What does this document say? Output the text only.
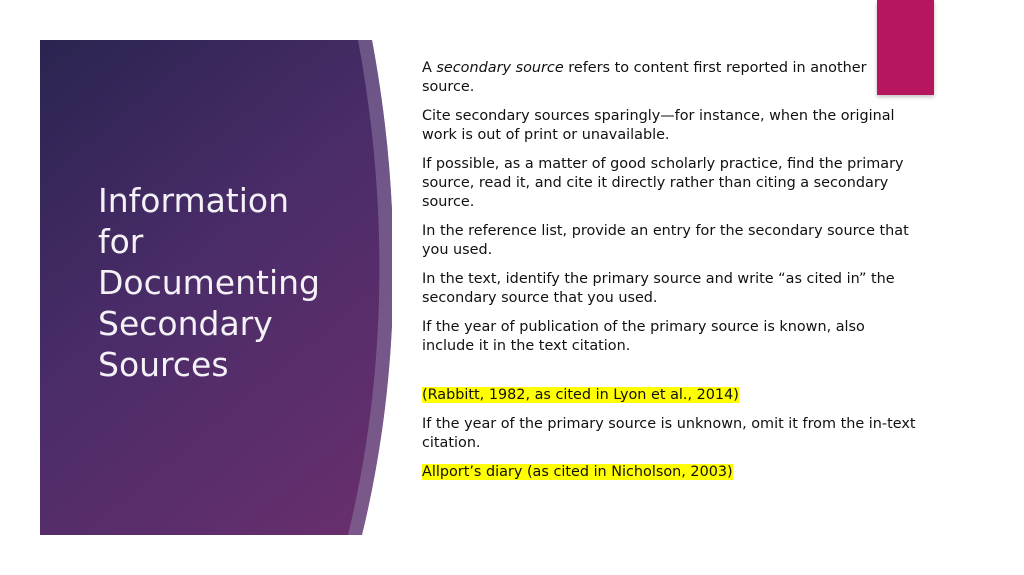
Information for Documenting Secondary Sources

A secondary source refers to content first reported in another source.

Cite secondary sources sparingly—for instance, when the original work is out of print or unavailable.

If possible, as a matter of good scholarly practice, find the primary source, read it, and cite it directly rather than citing a secondary source.

In the reference list, provide an entry for the secondary source that you used.

In the text, identify the primary source and write “as cited in” the secondary source that you used.

If the year of publication of the primary source is known, also include it in the text citation.

(Rabbitt, 1982, as cited in Lyon et al., 2014)

If the year of the primary source is unknown, omit it from the in-text citation.

Allport’s diary (as cited in Nicholson, 2003)
